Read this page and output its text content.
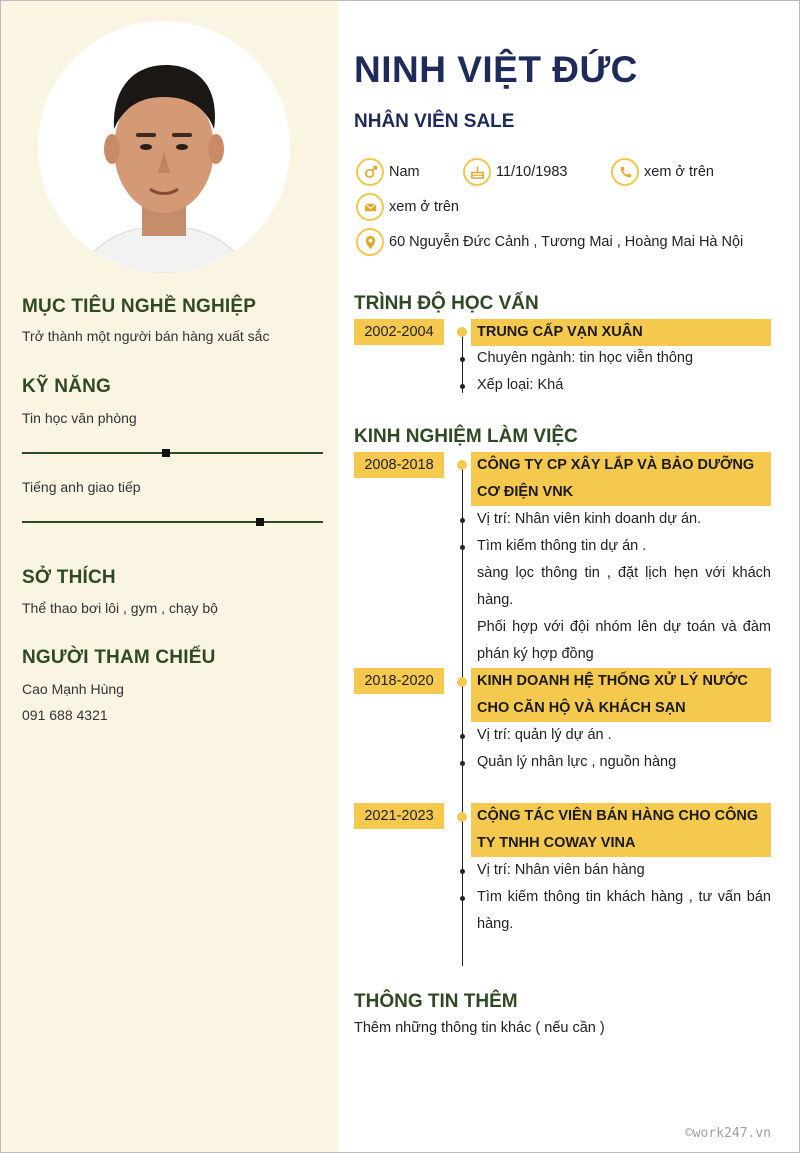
MỤC TIÊU NGHỀ NGHIỆP
Trở thành một người bán hàng xuất sắc
KỸ NĂNG
Tin học văn phòng
Tiếng anh giao tiếp
SỞ THÍCH
Thể thao bơi lôi , gym , chạy bộ
NGƯỜI THAM CHIẾU
Cao Mạnh Hùng
091 688 4321
NINH VIỆT ĐỨC
NHÂN VIÊN SALE
Nam	11/10/1983	xem ở trên
xem ở trên
60 Nguyễn Đức Cảnh , Tương Mai , Hoàng Mai Hà Nội
TRÌNH ĐỘ HỌC VẤN
2002-2004	TRUNG CẤP VẠN XUÂN
Chuyên ngành: tin học viễn thông
Xếp loại: Khá
KINH NGHIỆM LÀM VIỆC
2008-2018	CÔNG TY CP XÂY LẮP VÀ BẢO DƯỠNG CƠ ĐIỆN VNK
Vị trí: Nhân viên kinh doanh dự án.
Tìm kiếm thông tin dự án .
sàng lọc thông tin , đặt lịch hẹn với khách hàng.
Phối hợp với đội nhóm lên dự toán và đàm phán ký hợp đồng
2018-2020	KINH DOANH HỆ THỐNG XỬ LÝ NƯỚC CHO CĂN HỘ VÀ KHÁCH SẠN
Vị trí: quản lý dự án .
Quản lý nhân lực , nguồn hàng
2021-2023	CỘNG TÁC VIÊN BÁN HÀNG CHO CÔNG TY TNHH COWAY VINA
Vị trí: Nhân viên bán hàng
Tìm kiếm thông tin khách hàng , tư vấn bán hàng.
THÔNG TIN THÊM
Thêm những thông tin khác ( nếu cần )
©work247.vn
